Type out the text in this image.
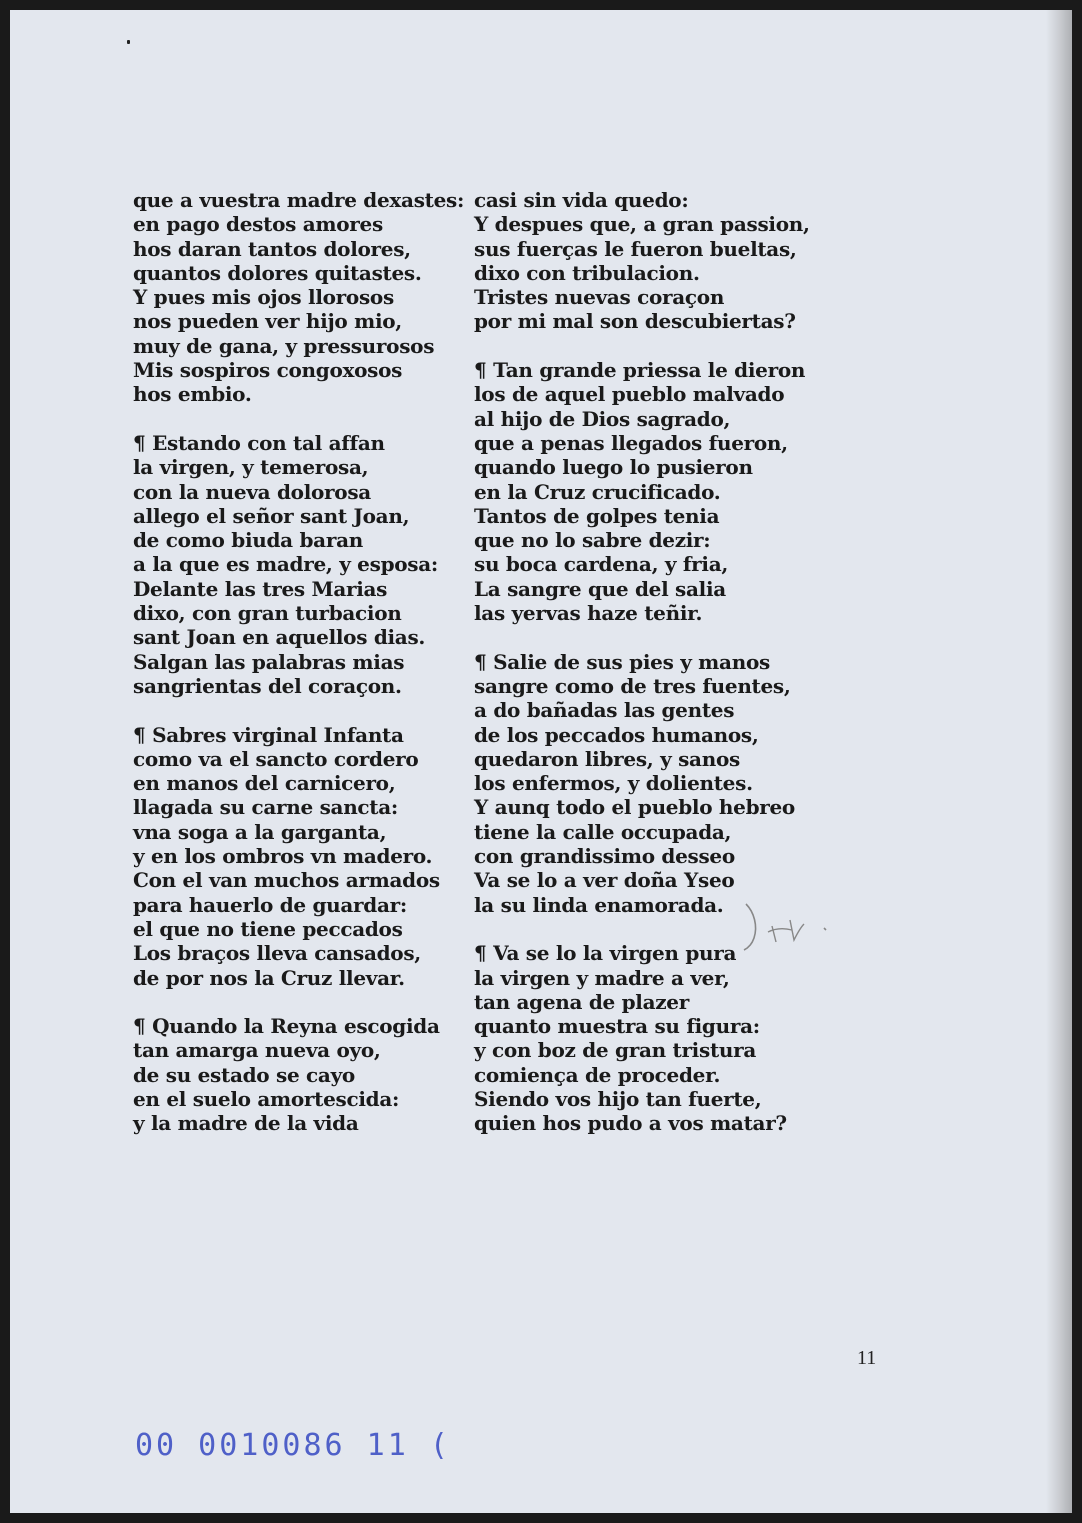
que a vuestra madre dexastes:
en pago destos amores
hos daran tantos dolores,
quantos dolores quitastes.
Y pues mis ojos llorosos
nos pueden ver hijo mio,
muy de gana, y pressurosos
Mis sospiros congoxosos
hos embio.
¶ Estando con tal affan
la virgen, y temerosa,
con la nueva dolorosa
allego el señor sant Joan,
de como biuda baran
a la que es madre, y esposa:
Delante las tres Marias
dixo, con gran turbacion
sant Joan en aquellos dias.
Salgan las palabras mias
sangrientas del coraçon.
¶ Sabres virginal Infanta
como va el sancto cordero
en manos del carnicero,
llagada su carne sancta:
vna soga a la garganta,
y en los ombros vn madero.
Con el van muchos armados
para hauerlo de guardar:
el que no tiene peccados
Los braços lleva cansados,
de por nos la Cruz llevar.
¶ Quando la Reyna escogida
tan amarga nueva oyo,
de su estado se cayo
en el suelo amortescida:
y la madre de la vida
casi sin vida quedo:
Y despues que, a gran passion,
sus fuerças le fueron bueltas,
dixo con tribulacion.
Tristes nuevas coraçon
por mi mal son descubiertas?
¶ Tan grande priessa le dieron
los de aquel pueblo malvado
al hijo de Dios sagrado,
que a penas llegados fueron,
quando luego lo pusieron
en la Cruz crucificado.
Tantos de golpes tenia
que no lo sabre dezir:
su boca cardena, y fria,
La sangre que del salia
las yervas haze teñir.
¶ Salie de sus pies y manos
sangre como de tres fuentes,
a do bañadas las gentes
de los peccados humanos,
quedaron libres, y sanos
los enfermos, y dolientes.
Y aunq todo el pueblo hebreo
tiene la calle occupada,
con grandissimo desseo
Va se lo a ver doña Yseo
la su linda enamorada.
¶ Va se lo la virgen pura
la virgen y madre a ver,
tan agena de plazer
quanto muestra su figura:
y con boz de gran tristura
comiença de proceder.
Siendo vos hijo tan fuerte,
quien hos pudo a vos matar?
11
00 0010086 11 (
